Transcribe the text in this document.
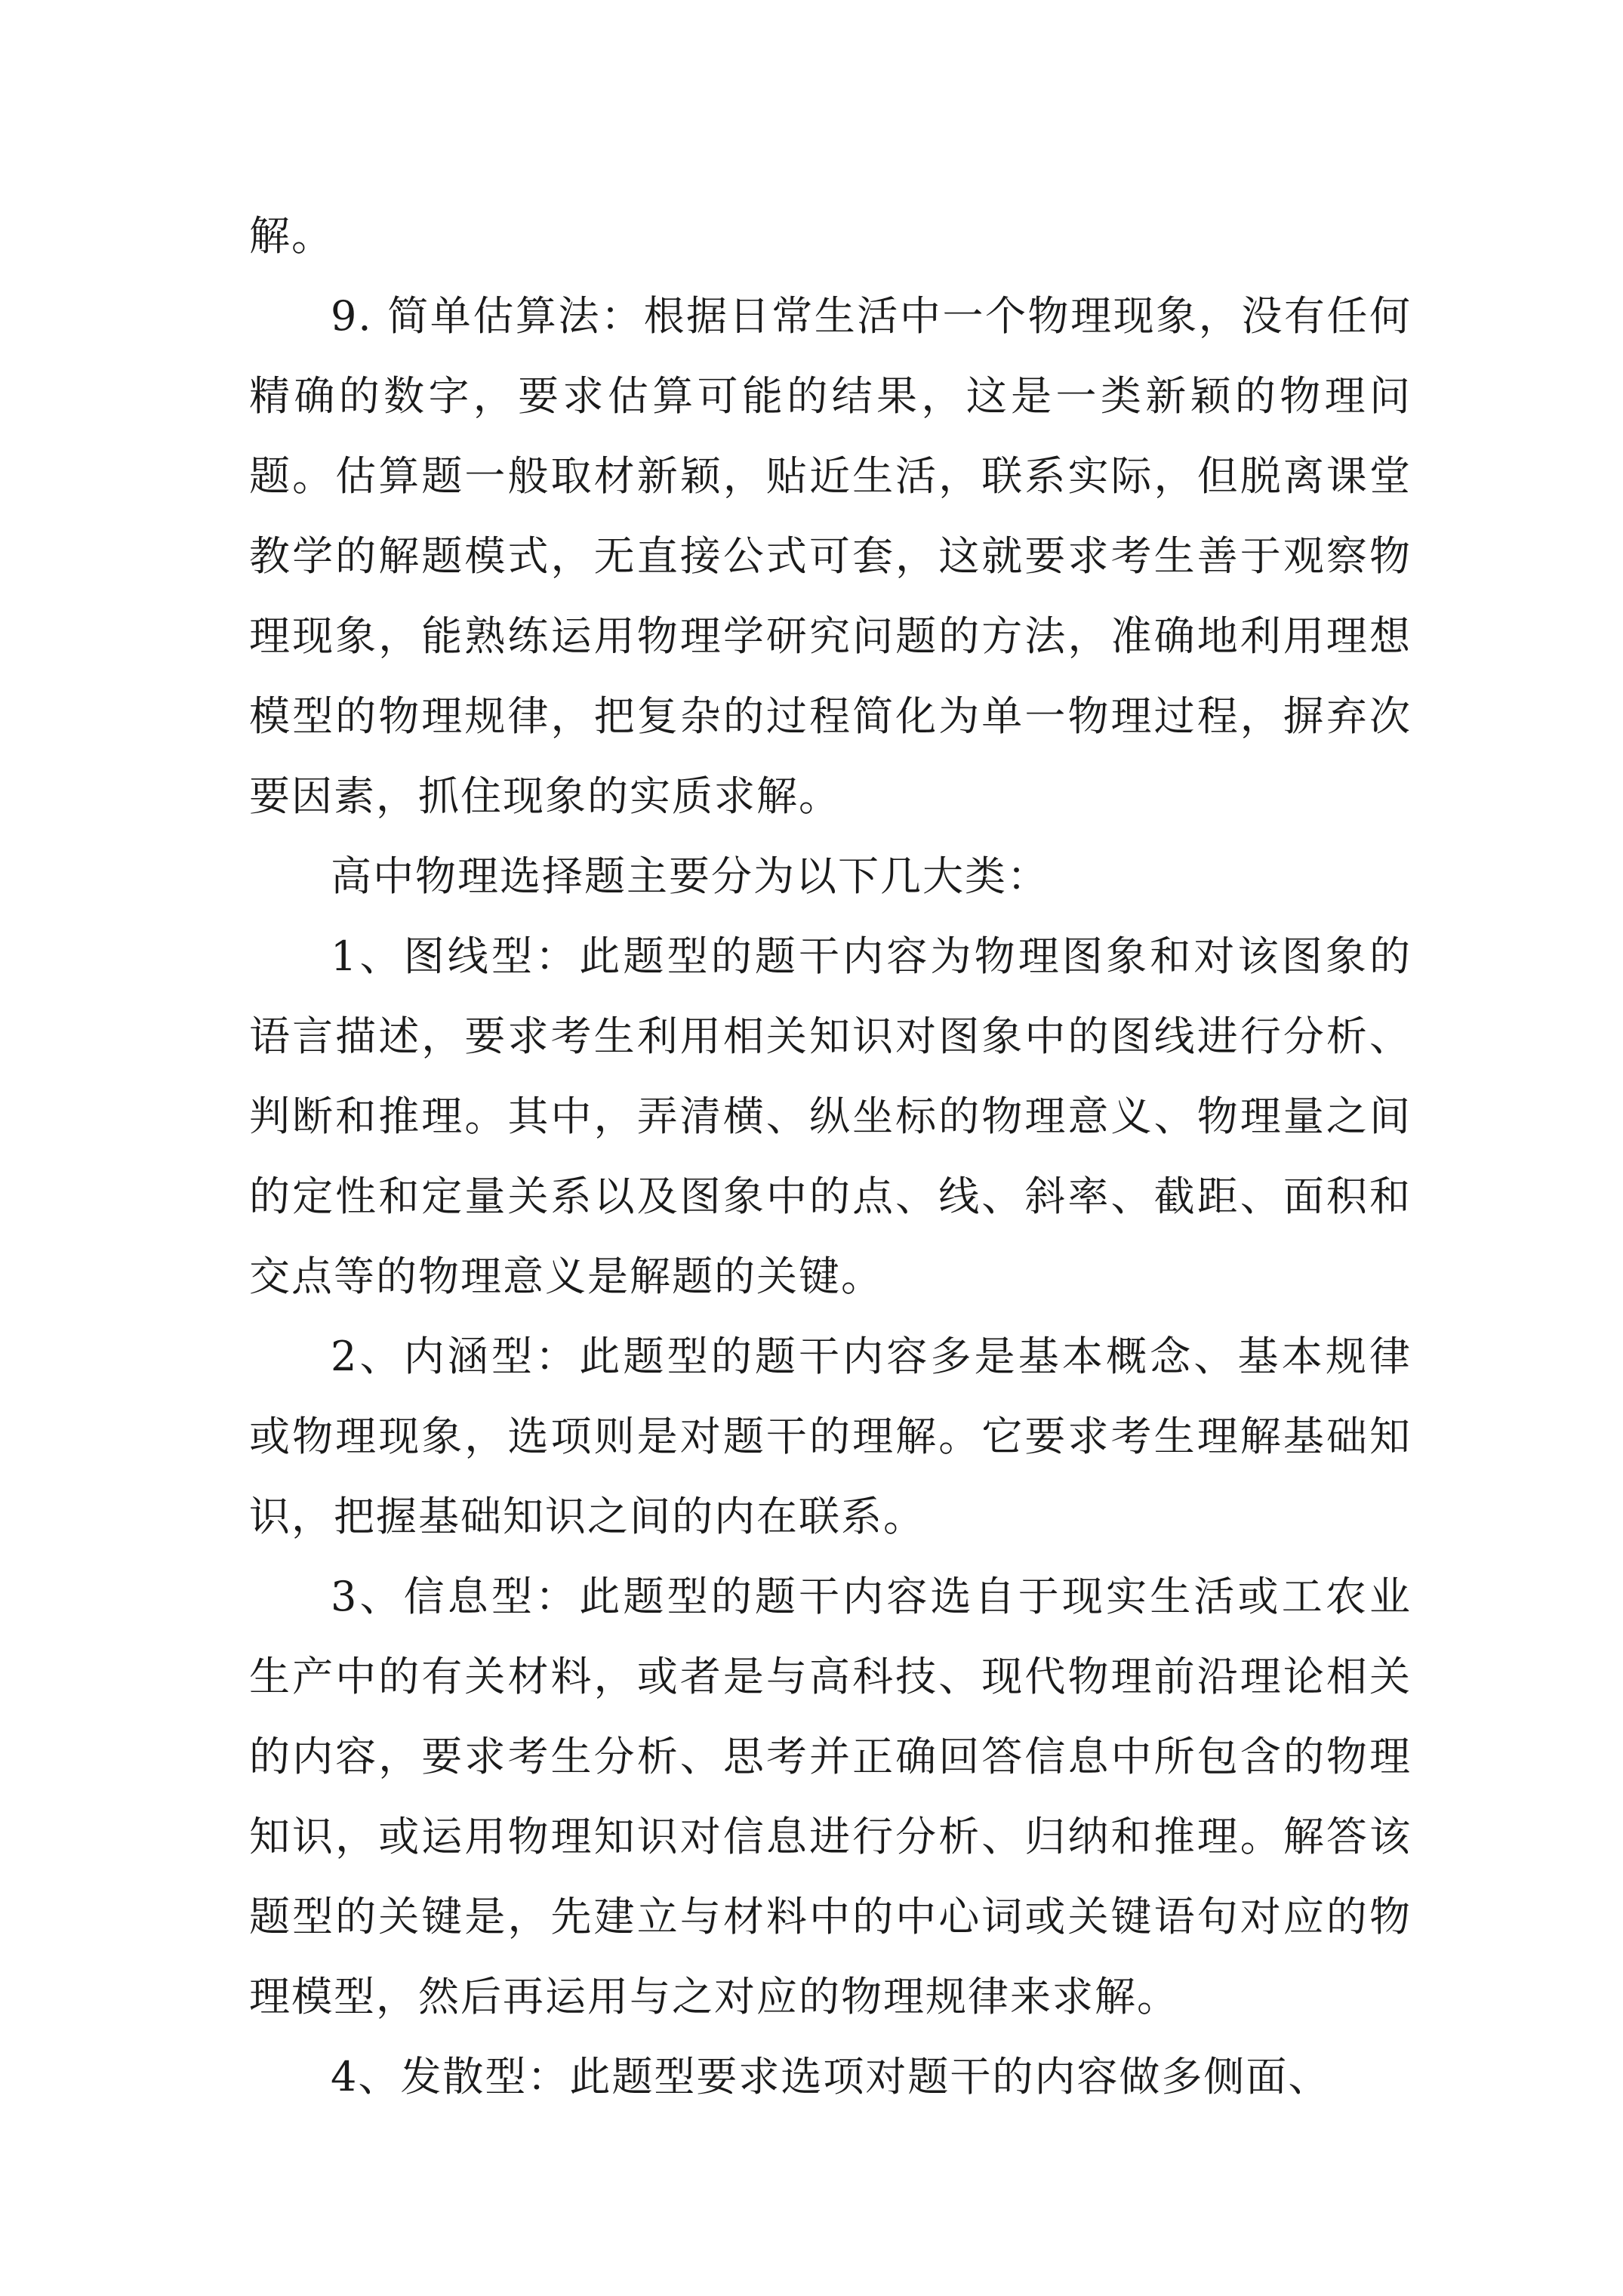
解。

9. 简单估算法：根据日常生活中一个物理现象，没有任何精确的数字，要求估算可能的结果，这是一类新颖的物理问题。估算题一般取材新颖，贴近生活，联系实际，但脱离课堂教学的解题模式，无直接公式可套，这就要求考生善于观察物理现象，能熟练运用物理学研究问题的方法，准确地利用理想模型的物理规律，把复杂的过程简化为单一物理过程，摒弃次要因素，抓住现象的实质求解。

高中物理选择题主要分为以下几大类：

1、图线型：此题型的题干内容为物理图象和对该图象的语言描述，要求考生利用相关知识对图象中的图线进行分析、判断和推理。其中，弄清横、纵坐标的物理意义、物理量之间的定性和定量关系以及图象中的点、线、斜率、截距、面积和交点等的物理意义是解题的关键。

2、内涵型：此题型的题干内容多是基本概念、基本规律或物理现象，选项则是对题干的理解。它要求考生理解基础知识，把握基础知识之间的内在联系。

3、信息型：此题型的题干内容选自于现实生活或工农业生产中的有关材料，或者是与高科技、现代物理前沿理论相关的内容，要求考生分析、思考并正确回答信息中所包含的物理知识，或运用物理知识对信息进行分析、归纳和推理。解答该题型的关键是，先建立与材料中的中心词或关键语句对应的物理模型，然后再运用与之对应的物理规律来求解。

4、发散型：此题型要求选项对题干的内容做多侧面、
